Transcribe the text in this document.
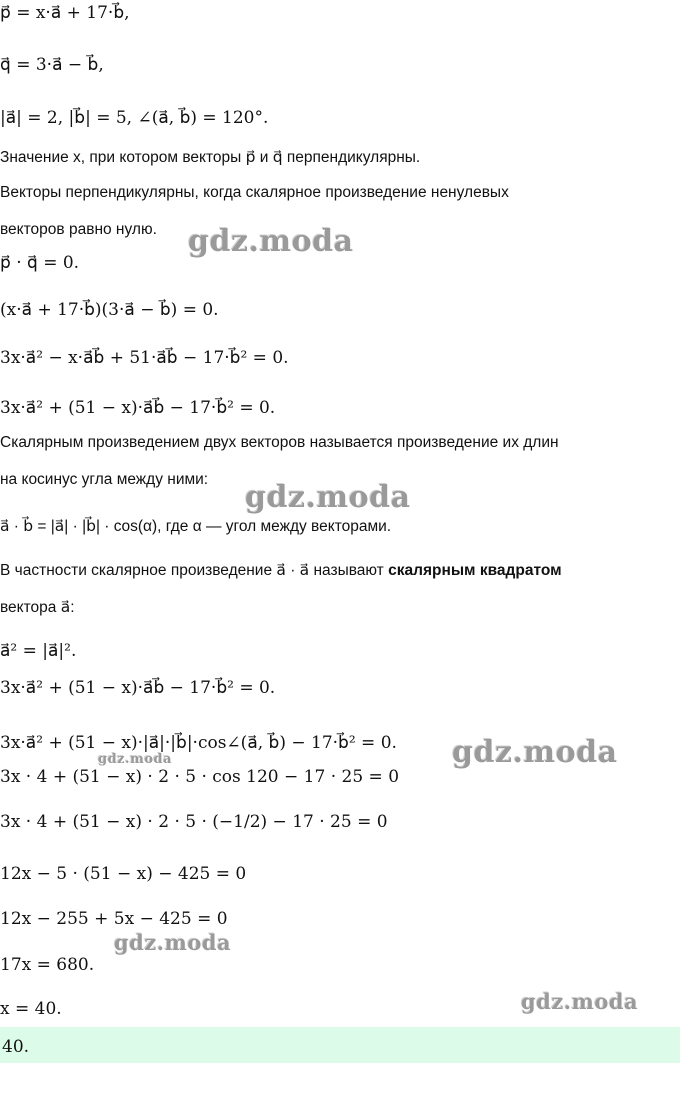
p⃗ = x·a⃗ + 17·b⃗,
q⃗ = 3·a⃗ − b⃗,
|a⃗| = 2, |b⃗| = 5, ∠(a⃗, b⃗) = 120°.
Значение x, при котором векторы p⃗ и q⃗ перпендикулярны.
Векторы перпендикулярны, когда скалярное произведение ненулевых
векторов равно нулю.
p⃗ · q⃗ = 0.
(x·a⃗ + 17·b⃗)(3·a⃗ − b⃗) = 0.
3x·a⃗² − x·a⃗b⃗ + 51·a⃗b⃗ − 17·b⃗² = 0.
3x·a⃗² + (51 − x)·a⃗b⃗ − 17·b⃗² = 0.
Скалярным произведением двух векторов называется произведение их длин
на косинус угла между ними:
a⃗ · b⃗ = |a⃗| · |b⃗| · cos(α), где α — угол между векторами.
В частности скалярное произведение a⃗ · a⃗ называют скалярным квадратом
вектора a⃗:
a⃗² = |a⃗|².
3x·a⃗² + (51 − x)·a⃗b⃗ − 17·b⃗² = 0.
3x·a⃗² + (51 − x)·|a⃗|·|b⃗|·cos∠(a⃗, b⃗) − 17·b⃗² = 0.
3x · 4 + (51 − x) · 2 · 5 · cos 120 − 17 · 25 = 0
3x · 4 + (51 − x) · 2 · 5 · (−1/2) − 17 · 25 = 0
12x − 5 · (51 − x) − 425 = 0
12x − 255 + 5x − 425 = 0
17x = 680.
x = 40.
40.
gdz.moda
gdz.moda
gdz.moda
gdz.moda
gdz.moda
gdz.moda
